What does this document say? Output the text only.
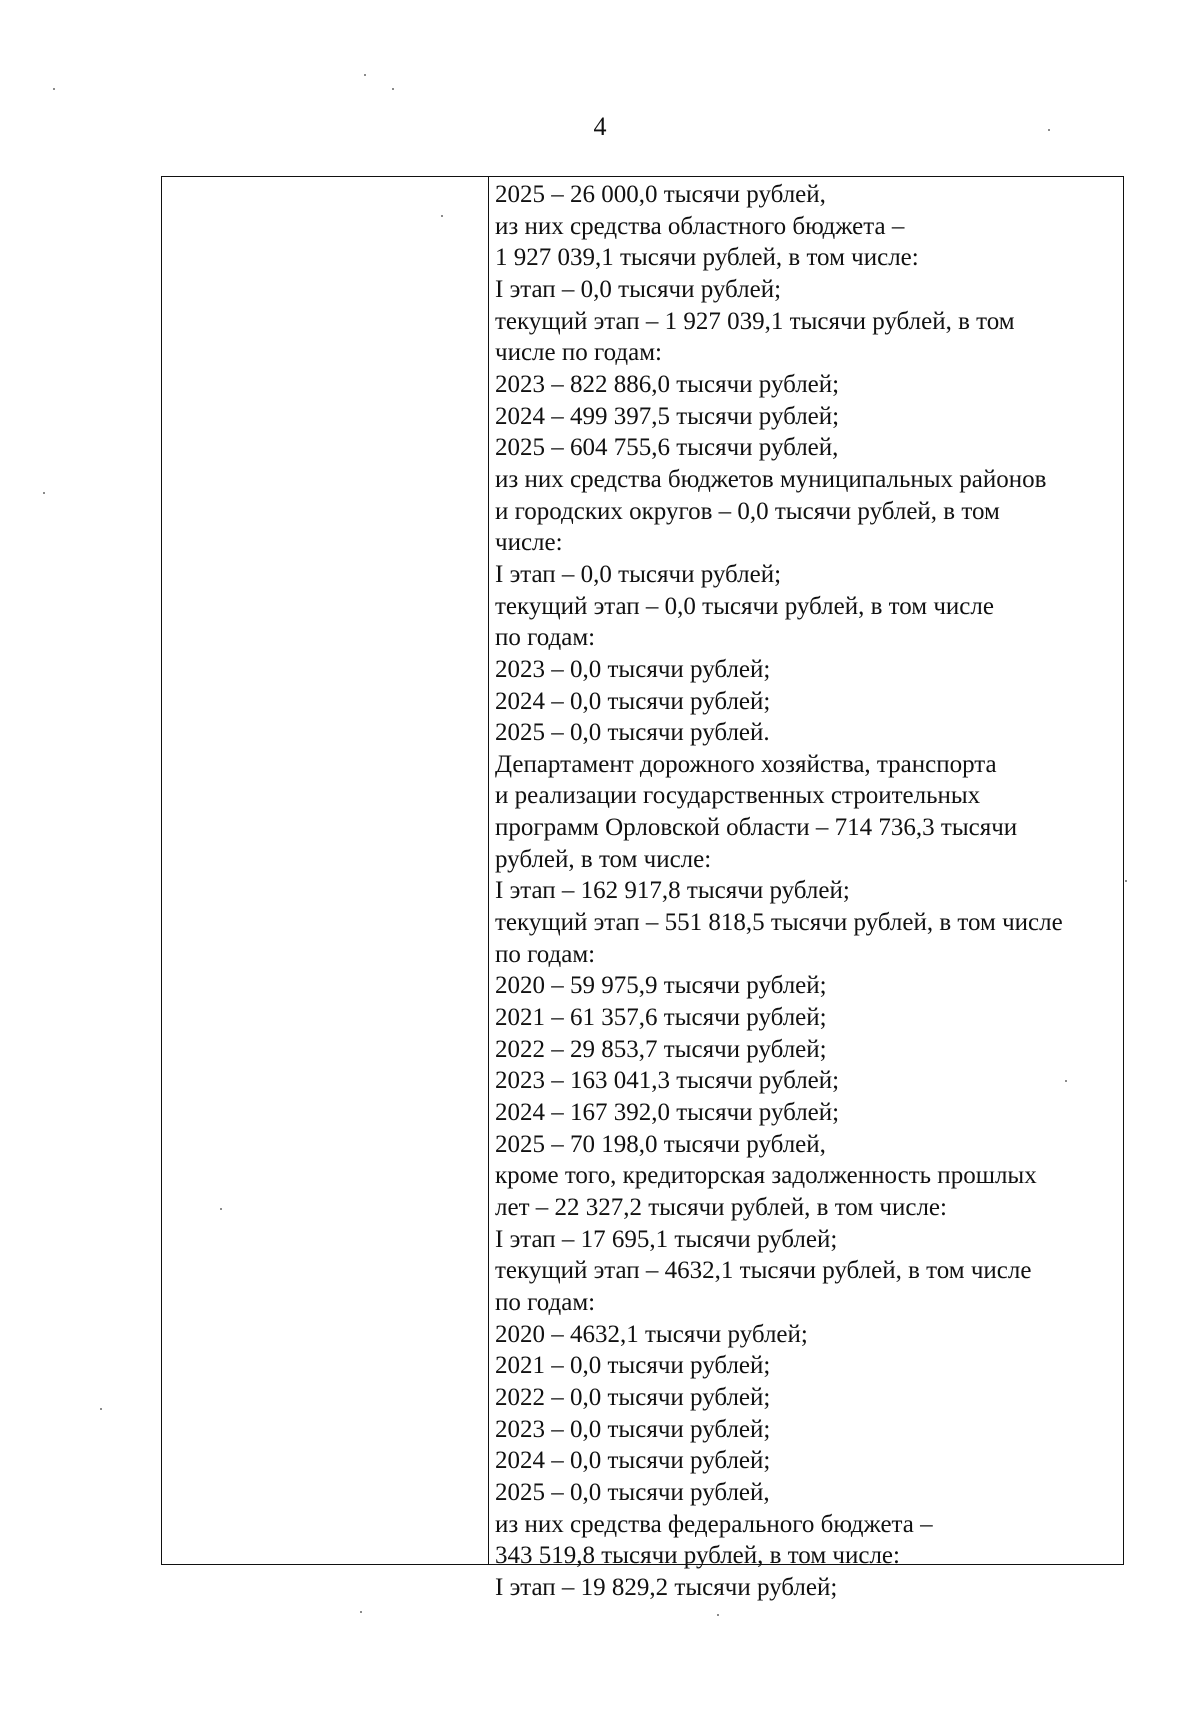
4
2025 – 26 000,0 тысячи рублей,
из них средства областного бюджета –
1 927 039,1 тысячи рублей, в том числе:
I этап – 0,0 тысячи рублей;
текущий этап – 1 927 039,1 тысячи рублей, в том
числе по годам:
2023 – 822 886,0 тысячи рублей;
2024 – 499 397,5 тысячи рублей;
2025 – 604 755,6 тысячи рублей,
из них средства бюджетов муниципальных районов
и городских округов – 0,0 тысячи рублей, в том
числе:
I этап – 0,0 тысячи рублей;
текущий этап – 0,0 тысячи рублей, в том числе
по годам:
2023 – 0,0 тысячи рублей;
2024 – 0,0 тысячи рублей;
2025 – 0,0 тысячи рублей.
Департамент дорожного хозяйства, транспорта
и реализации государственных строительных
программ Орловской области – 714 736,3 тысячи
рублей, в том числе:
I этап – 162 917,8 тысячи рублей;
текущий этап – 551 818,5 тысячи рублей, в том числе
по годам:
2020 – 59 975,9 тысячи рублей;
2021 – 61 357,6 тысячи рублей;
2022 – 29 853,7 тысячи рублей;
2023 – 163 041,3 тысячи рублей;
2024 – 167 392,0 тысячи рублей;
2025 – 70 198,0 тысячи рублей,
кроме того, кредиторская задолженность прошлых
лет – 22 327,2 тысячи рублей, в том числе:
I этап – 17 695,1 тысячи рублей;
текущий этап – 4632,1 тысячи рублей, в том числе
по годам:
2020 – 4632,1 тысячи рублей;
2021 – 0,0 тысячи рублей;
2022 – 0,0 тысячи рублей;
2023 – 0,0 тысячи рублей;
2024 – 0,0 тысячи рублей;
2025 – 0,0 тысячи рублей,
из них средства федерального бюджета –
343 519,8 тысячи рублей, в том числе:
I этап – 19 829,2 тысячи рублей;
